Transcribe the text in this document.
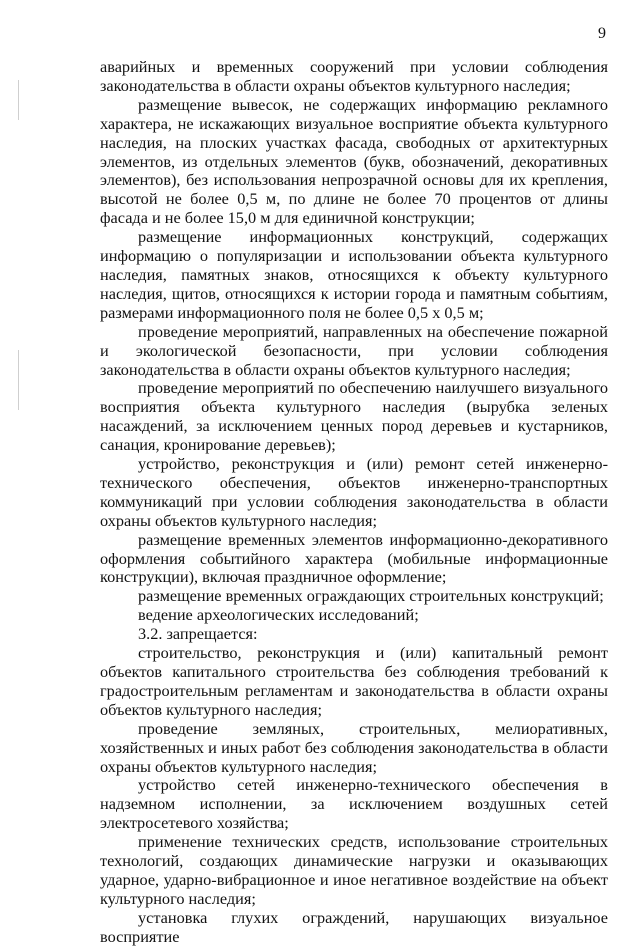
9

аварийных и временных сооружений при условии соблюдения законодательства в области охраны объектов культурного наследия;

размещение вывесок, не содержащих информацию рекламного характера, не искажающих визуальное восприятие объекта культурного наследия, на плоских участках фасада, свободных от архитектурных элементов, из отдельных элементов (букв, обозначений, декоративных элементов), без использования непрозрачной основы для их крепления, высотой не более 0,5 м, по длине не более 70 процентов от длины фасада и не более 15,0 м для единичной конструкции;

размещение информационных конструкций, содержащих информацию о популяризации и использовании объекта культурного наследия, памятных знаков, относящихся к объекту культурного наследия, щитов, относящихся к истории города и памятным событиям, размерами информационного поля не более 0,5 х 0,5 м;

проведение мероприятий, направленных на обеспечение пожарной и экологической безопасности, при условии соблюдения законодательства в области охраны объектов культурного наследия;

проведение мероприятий по обеспечению наилучшего визуального восприятия объекта культурного наследия (вырубка зеленых насаждений, за исключением ценных пород деревьев и кустарников, санация, кронирование деревьев);

устройство, реконструкция и (или) ремонт сетей инженерно-технического обеспечения, объектов инженерно-транспортных коммуникаций при условии соблюдения законодательства в области охраны объектов культурного наследия;

размещение временных элементов информационно-декоративного оформления событийного характера (мобильные информационные конструкции), включая праздничное оформление;

размещение временных ограждающих строительных конструкций;

ведение археологических исследований;

3.2. запрещается:

строительство, реконструкция и (или) капитальный ремонт объектов капитального строительства без соблюдения требований к градостроительным регламентам и законодательства в области охраны объектов культурного наследия;

проведение земляных, строительных, мелиоративных, хозяйственных и иных работ без соблюдения законодательства в области охраны объектов культурного наследия;

устройство сетей инженерно-технического обеспечения в надземном исполнении, за исключением воздушных сетей электросетевого хозяйства;

применение технических средств, использование строительных технологий, создающих динамические нагрузки и оказывающих ударное, ударно-вибрационное и иное негативное воздействие на объект культурного наследия;

установка глухих ограждений, нарушающих визуальное восприятие
